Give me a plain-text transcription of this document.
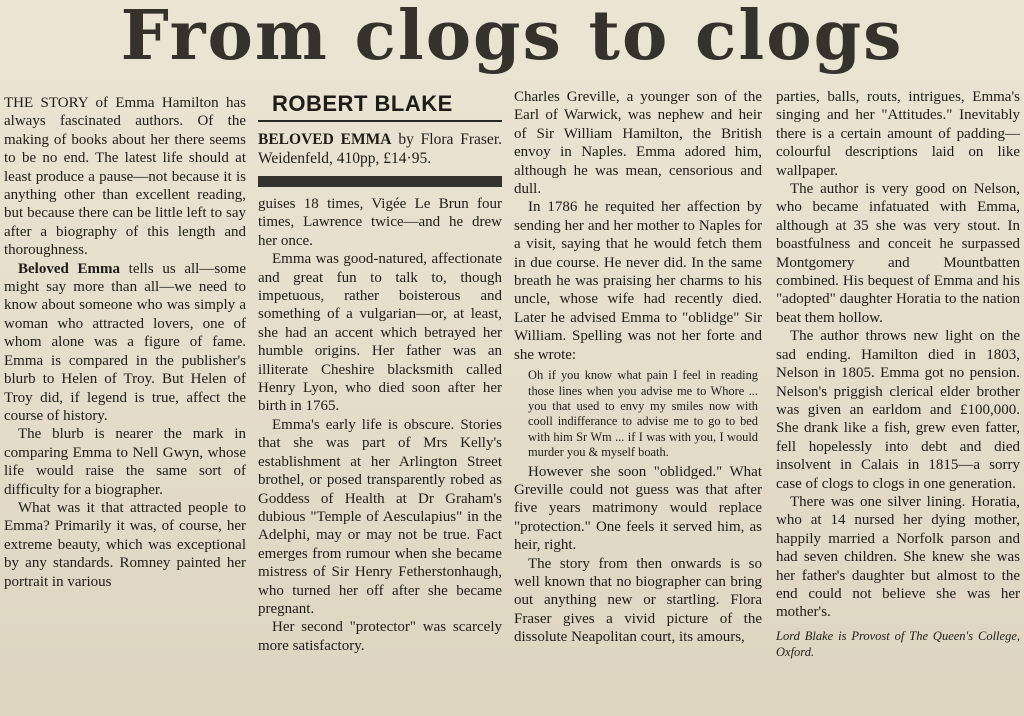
From clogs to clogs

THE STORY of Emma Hamilton has always fascinated authors. Of the making of books about her there seems to be no end. The latest life should at least produce a pause—not because it is anything other than excellent reading, but because there can be little left to say after a biography of this length and thoroughness.

Beloved Emma tells us all—some might say more than all—we need to know about someone who was simply a woman who attracted lovers, one of whom alone was a figure of fame. Emma is compared in the publisher's blurb to Helen of Troy. But Helen of Troy did, if legend is true, affect the course of history.

The blurb is nearer the mark in comparing Emma to Nell Gwyn, whose life would raise the same sort of difficulty for a biographer.

What was it that attracted people to Emma? Primarily it was, of course, her extreme beauty, which was exceptional by any standards. Romney painted her portrait in various

ROBERT BLAKE

BELOVED EMMA by Flora Fraser. Weidenfeld, 410pp, £14·95.

guises 18 times, Vigée Le Brun four times, Lawrence twice—and he drew her once.

Emma was good-natured, affectionate and great fun to talk to, though impetuous, rather boisterous and something of a vulgarian—or, at least, she had an accent which betrayed her humble origins. Her father was an illiterate Cheshire blacksmith called Henry Lyon, who died soon after her birth in 1765.

Emma's early life is obscure. Stories that she was part of Mrs Kelly's establishment at her Arlington Street brothel, or posed transparently robed as Goddess of Health at Dr Graham's dubious "Temple of Aesculapius" in the Adelphi, may or may not be true. Fact emerges from rumour when she became mistress of Sir Henry Fetherstonhaugh, who turned her off after she became pregnant.

Her second "protector" was scarcely more satisfactory.

Charles Greville, a younger son of the Earl of Warwick, was nephew and heir of Sir William Hamilton, the British envoy in Naples. Emma adored him, although he was mean, censorious and dull.

In 1786 he requited her affection by sending her and her mother to Naples for a visit, saying that he would fetch them in due course. He never did. In the same breath he was praising her charms to his uncle, whose wife had recently died. Later he advised Emma to "oblidge" Sir William. Spelling was not her forte and she wrote:

Oh if you know what pain I feel in reading those lines when you advise me to Whore ... you that used to envy my smiles now with cooll indifferance to advise me to go to bed with him Sr Wm ... if I was with you, I would murder you & myself boath.

However she soon "oblidged." What Greville could not guess was that after five years matrimony would replace "protection." One feels it served him, as heir, right.

The story from then onwards is so well known that no biographer can bring out anything new or startling. Flora Fraser gives a vivid picture of the dissolute Neapolitan court, its amours,

parties, balls, routs, intrigues, Emma's singing and her "Attitudes." Inevitably there is a certain amount of padding—colourful descriptions laid on like wallpaper.

The author is very good on Nelson, who became infatuated with Emma, although at 35 she was very stout. In boastfulness and conceit he surpassed Montgomery and Mountbatten combined. His bequest of Emma and his "adopted" daughter Horatia to the nation beat them hollow.

The author throws new light on the sad ending. Hamilton died in 1803, Nelson in 1805. Emma got no pension. Nelson's priggish clerical elder brother was given an earldom and £100,000. She drank like a fish, grew even fatter, fell hopelessly into debt and died insolvent in Calais in 1815—a sorry case of clogs to clogs in one generation.

There was one silver lining. Horatia, who at 14 nursed her dying mother, happily married a Norfolk parson and had seven children. She knew she was her father's daughter but almost to the end could not believe she was her mother's.

Lord Blake is Provost of The Queen's College, Oxford.
